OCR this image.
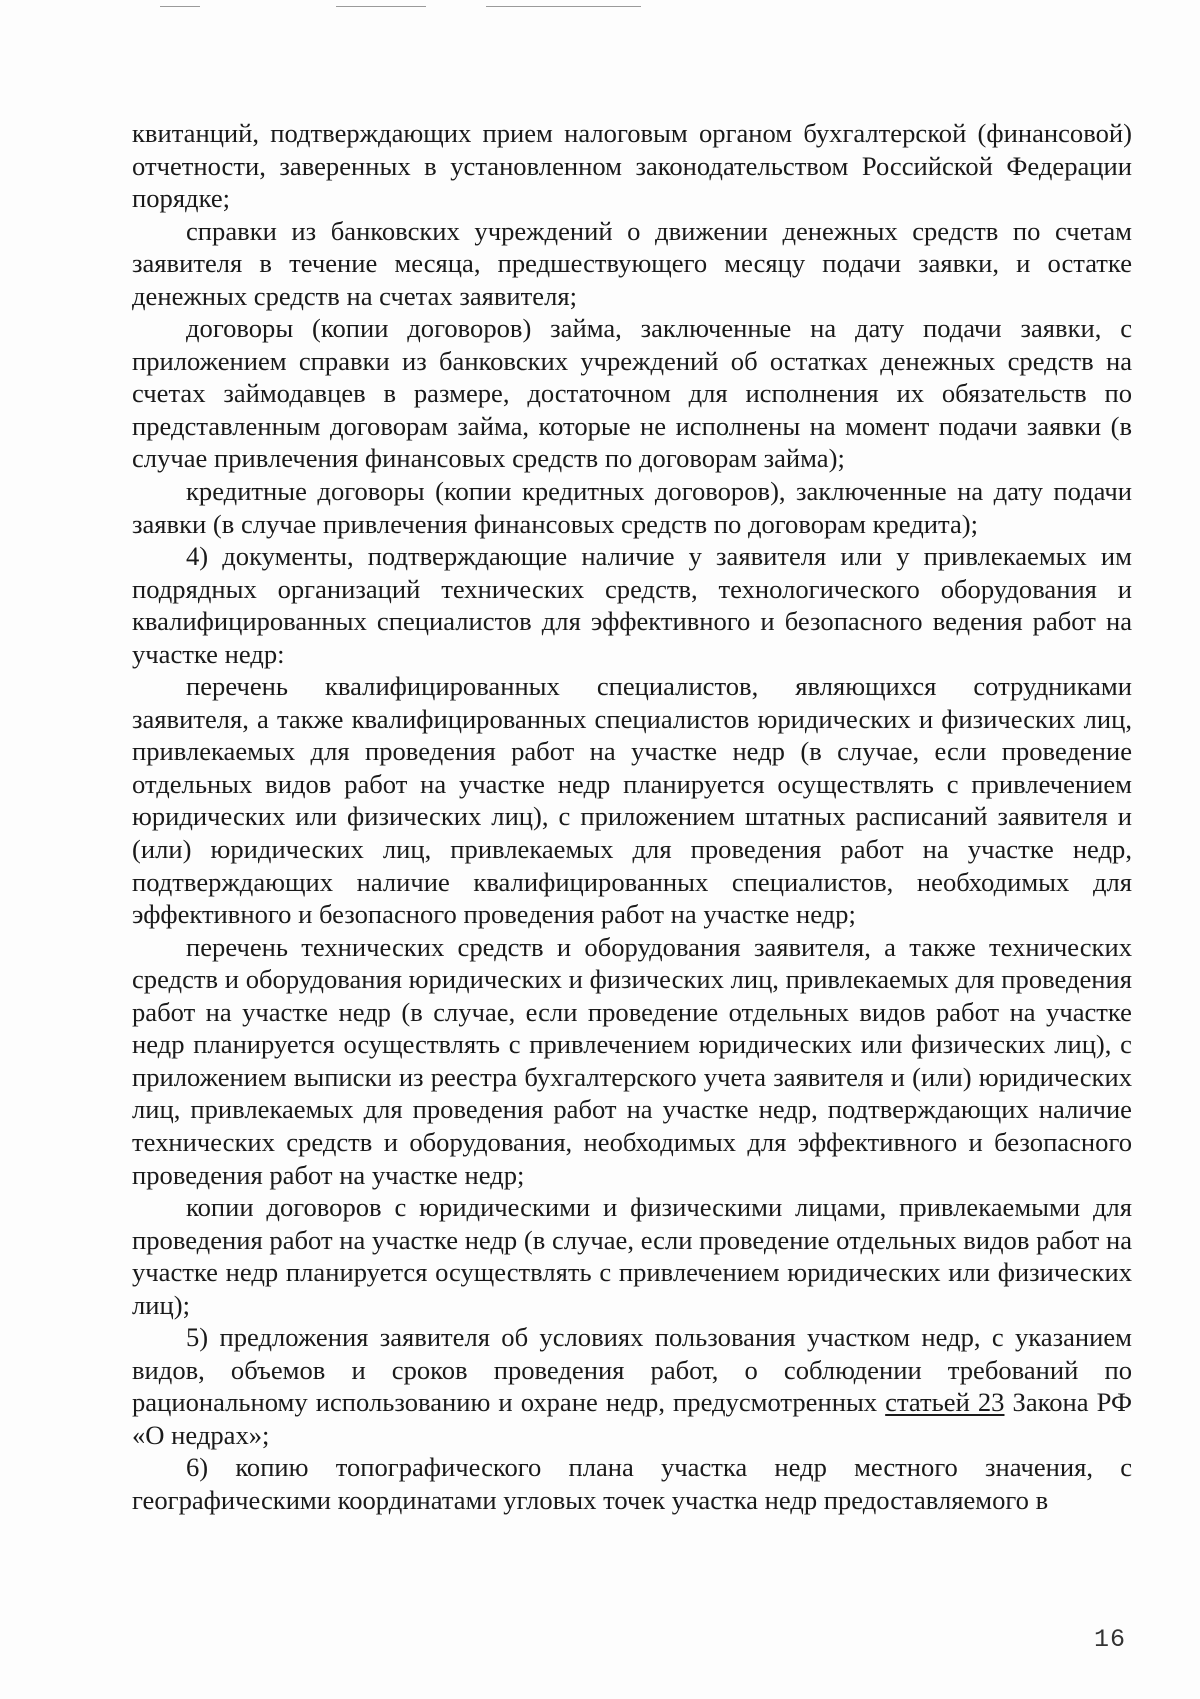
квитанций, подтверждающих прием налоговым органом бухгалтерской (финансовой) отчетности, заверенных в установленном законодательством Российской Федерации порядке;

справки из банковских учреждений о движении денежных средств по счетам заявителя в течение месяца, предшествующего месяцу подачи заявки, и остатке денежных средств на счетах заявителя;

договоры (копии договоров) займа, заключенные на дату подачи заявки, с приложением справки из банковских учреждений об остатках денежных средств на счетах займодавцев в размере, достаточном для исполнения их обязательств по представленным договорам займа, которые не исполнены на момент подачи заявки (в случае привлечения финансовых средств по договорам займа);

кредитные договоры (копии кредитных договоров), заключенные на дату подачи заявки (в случае привлечения финансовых средств по договорам кредита);

4) документы, подтверждающие наличие у заявителя или у привлекаемых им подрядных организаций технических средств, технологического оборудования и квалифицированных специалистов для эффективного и безопасного ведения работ на участке недр:

перечень квалифицированных специалистов, являющихся сотрудниками заявителя, а также квалифицированных специалистов юридических и физических лиц, привлекаемых для проведения работ на участке недр (в случае, если проведение отдельных видов работ на участке недр планируется осуществлять с привлечением юридических или физических лиц), с приложением штатных расписаний заявителя и (или) юридических лиц, привлекаемых для проведения работ на участке недр, подтверждающих наличие квалифицированных специалистов, необходимых для эффективного и безопасного проведения работ на участке недр;

перечень технических средств и оборудования заявителя, а также технических средств и оборудования юридических и физических лиц, привлекаемых для проведения работ на участке недр (в случае, если проведение отдельных видов работ на участке недр планируется осуществлять с привлечением юридических или физических лиц), с приложением выписки из реестра бухгалтерского учета заявителя и (или) юридических лиц, привлекаемых для проведения работ на участке недр, подтверждающих наличие технических средств и оборудования, необходимых для эффективного и безопасного проведения работ на участке недр;

копии договоров с юридическими и физическими лицами, привлекаемыми для проведения работ на участке недр (в случае, если проведение отдельных видов работ на участке недр планируется осуществлять с привлечением юридических или физических лиц);

5) предложения заявителя об условиях пользования участком недр, с указанием видов, объемов и сроков проведения работ, о соблюдении требований по рациональному использованию и охране недр, предусмотренных статьей 23 Закона РФ «О недрах»;

6) копию топографического плана участка недр местного значения, с географическими координатами угловых точек участка недр предоставляемого в

16
